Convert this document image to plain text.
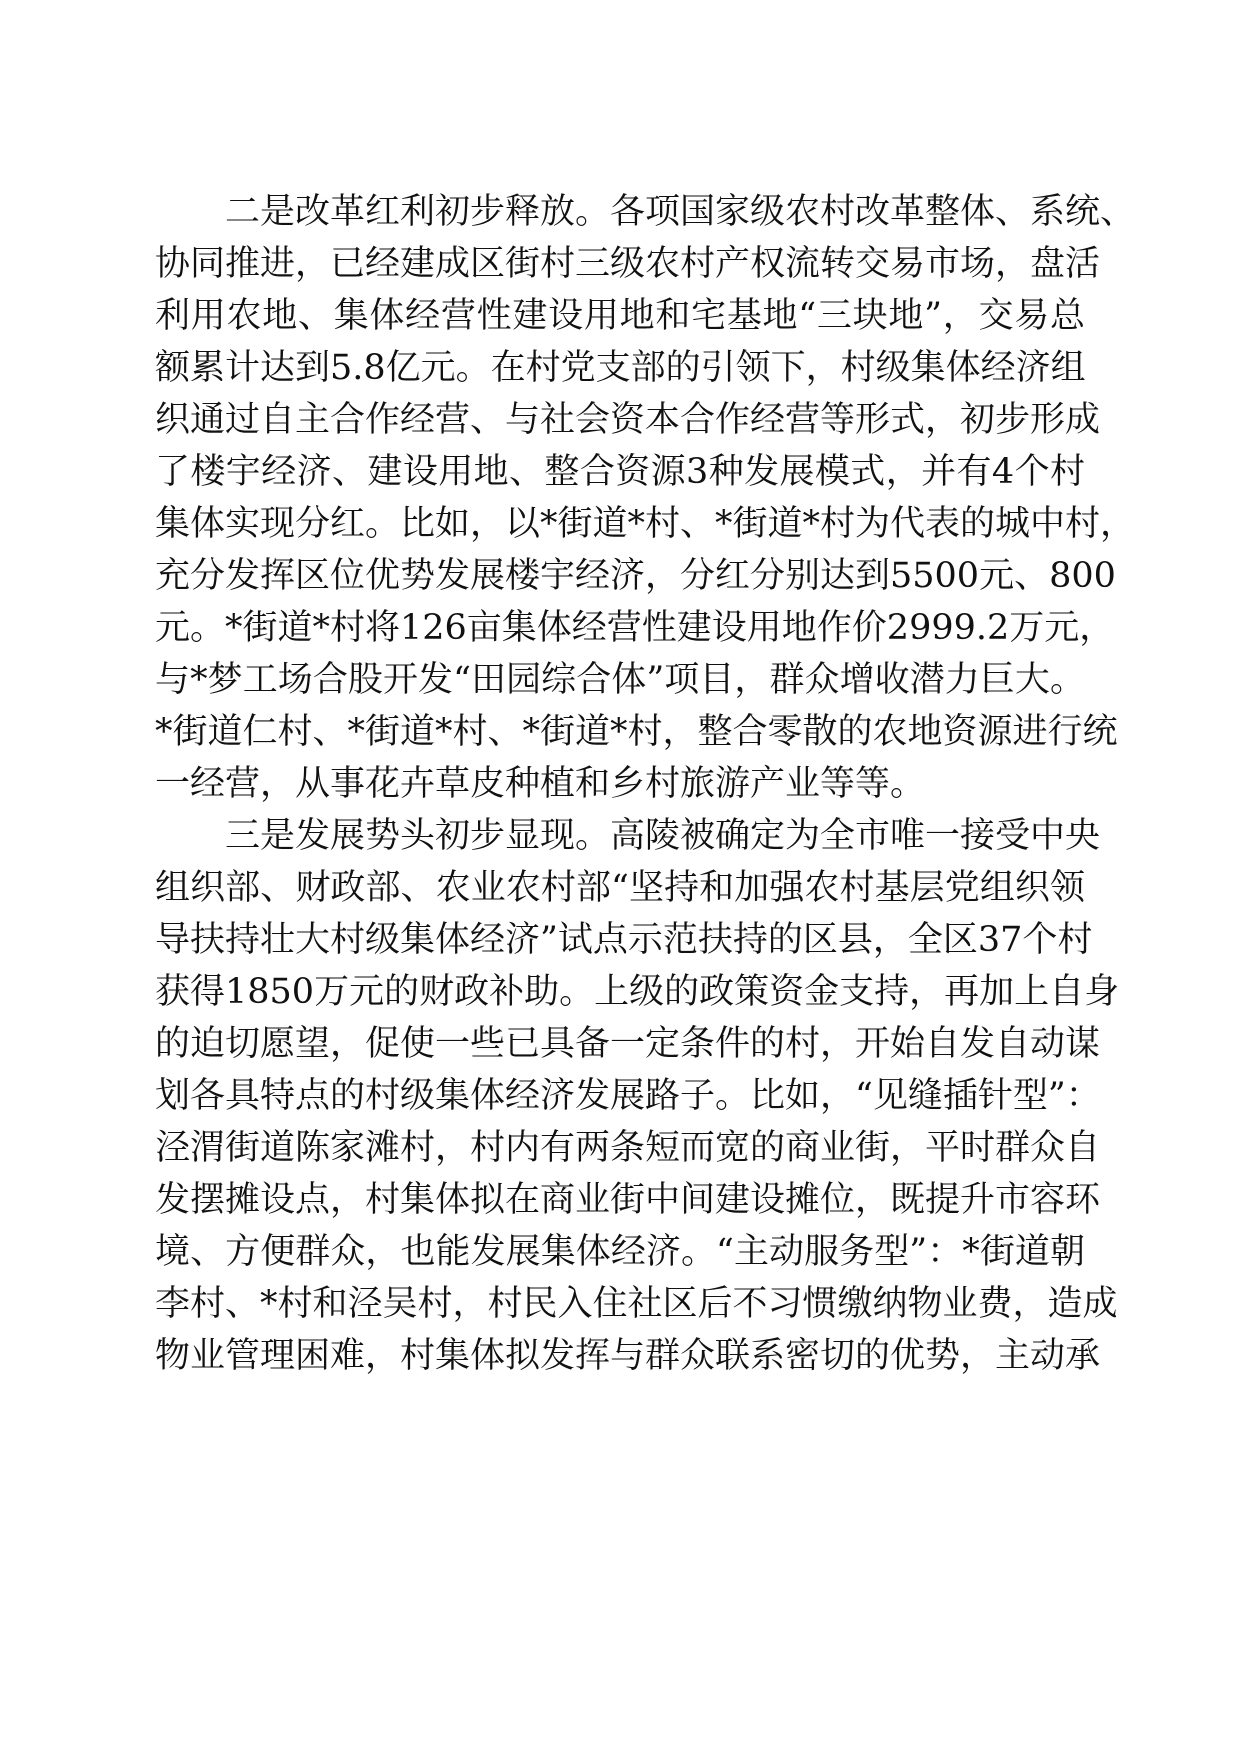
二是改革红利初步释放。各项国家级农村改革整体、系统、
协同推进，已经建成区街村三级农村产权流转交易市场，盘活
利用农地、集体经营性建设用地和宅基地“三块地”，交易总
额累计达到5.8亿元。在村党支部的引领下，村级集体经济组
织通过自主合作经营、与社会资本合作经营等形式，初步形成
了楼宇经济、建设用地、整合资源3种发展模式，并有4个村
集体实现分红。比如，以*街道*村、*街道*村为代表的城中村，
充分发挥区位优势发展楼宇经济，分红分别达到5500元、800
元。*街道*村将126亩集体经营性建设用地作价2999.2万元，
与*梦工场合股开发“田园综合体”项目，群众增收潜力巨大。
*街道仁村、*街道*村、*街道*村，整合零散的农地资源进行统
一经营，从事花卉草皮种植和乡村旅游产业等等。
三是发展势头初步显现。高陵被确定为全市唯一接受中央
组织部、财政部、农业农村部“坚持和加强农村基层党组织领
导扶持壮大村级集体经济”试点示范扶持的区县，全区37个村
获得1850万元的财政补助。上级的政策资金支持，再加上自身
的迫切愿望，促使一些已具备一定条件的村，开始自发自动谋
划各具特点的村级集体经济发展路子。比如，“见缝插针型”：
泾渭街道陈家滩村，村内有两条短而宽的商业街，平时群众自
发摆摊设点，村集体拟在商业街中间建设摊位，既提升市容环
境、方便群众，也能发展集体经济。“主动服务型”：*街道朝
李村、*村和泾吴村，村民入住社区后不习惯缴纳物业费，造成
物业管理困难，村集体拟发挥与群众联系密切的优势，主动承
